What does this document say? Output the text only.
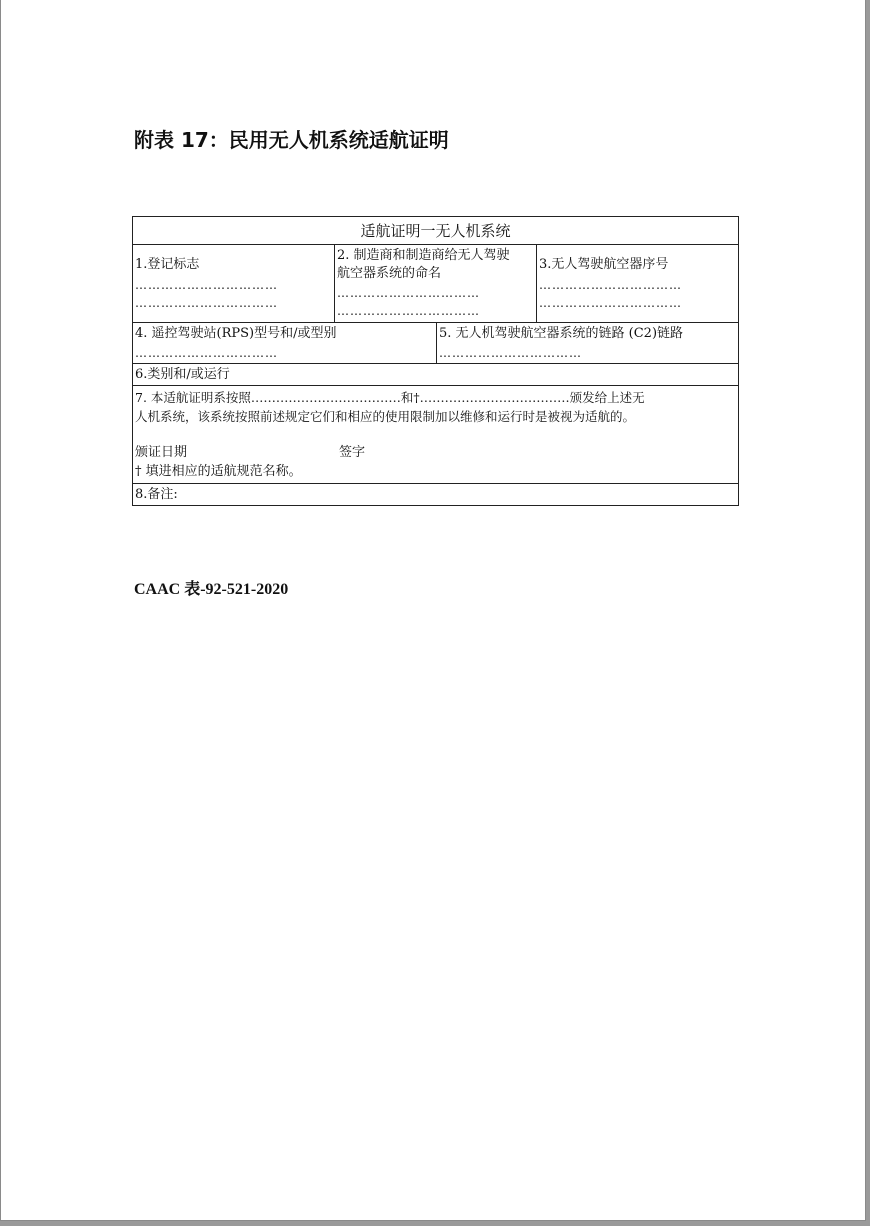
附表 17：民用无人机系统适航证明
适航证明一无人机系统
1.登记标志
……………………………
……………………………
2. 制造商和制造商给无人驾驶
航空器系统的命名
……………………………
……………………………
3.无人驾驶航空器序号
……………………………
……………………………
4. 遥控驾驶站(RPS)型号和/或型别
……………………………
5. 无人机驾驶航空器系统的链路 (C2)链路
……………………………
6.类别和/或运行
7. 本适航证明系按照………………………………和†………………………………颁发给上述无
人机系统，该系统按照前述规定它们和相应的使用限制加以维修和运行时是被视为适航的。
颁证日期	签字
† 填进相应的适航规范名称。
8.备注:
CAAC 表-92-521-2020
